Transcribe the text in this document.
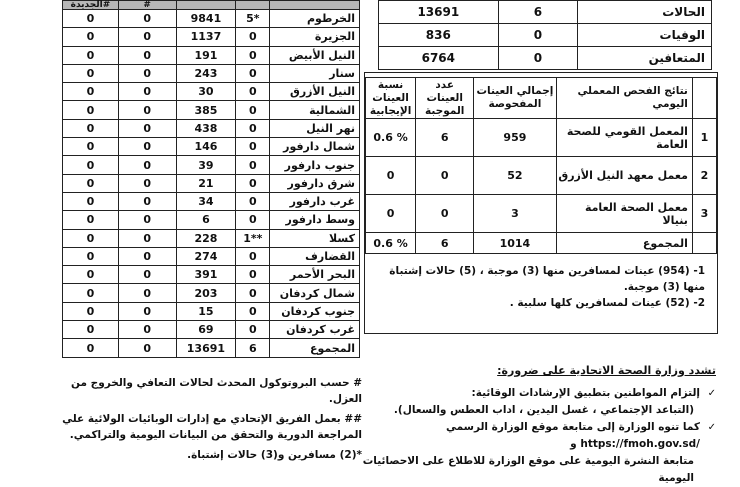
الجديدة#	#			
0	0	9841	5*	الخرطوم
0	0	1137	0	الجزيرة
0	0	191	0	النيل الأبيض
0	0	243	0	سنار
0	0	30	0	النيل الأزرق
0	0	385	0	الشمالية
0	0	438	0	نهر النيل
0	0	146	0	شمال دارفور
0	0	39	0	جنوب دارفور
0	0	21	0	شرق دارفور
0	0	34	0	غرب دارفور
0	0	6	0	وسط دارفور
0	0	228	1**	كسلا
0	0	274	0	القضارف
0	0	391	0	البحر الأحمر
0	0	203	0	شمال كردفان
0	0	15	0	جنوب كردفان
0	0	69	0	غرب كردفان
0	0	13691	6	المجموع

# حسب البروتوكول المحدث لحالات التعافي والخروج من العزل.

## بعمل الفريق الإتحادي مع إدارات الوبائيات الولائية علي المراجعة الدورية والتحقق من البيانات اليومية والتراكمي.

*(2) مسافرين و(3) حالات إشتباة.

13691	6	الحالات
836	0	الوفيات
6764	0	المتعافين
نسبة العينات الإيجابية	عدد العينات الموجبة	إجمالي العينات المفحوصة	نتائج الفحص المعملي اليومي	
0.6 %	6	959	المعمل القومي للصحة العامة	1
0	0	52	معمل معهد النيل الأزرق	2
0	0	3	معمل الصحة العامة بنيالا	3
0.6 %	6	1014	المجموع	

1- (954) عينات لمسافرين منها (3) موجبة ، (5) حالات إشتباة منها (3) موجبة.

2- (52) عينات لمسافرين كلها سلبية .

تشدد وزارة الصحة الاتحادية على ضرورة:

✓
إلتزام المواطنين بتطبيق الإرشادات الوقائية:

(التباعد الإجتماعي ، غسل اليدين ، اداب العطس والسعال).

✓
كما تنوه الوزارة إلى متابعة موقع الوزارة الرسمي /https://fmoh.gov.sd و

متابعة النشرة اليومية على موقع الوزارة للاطلاع على الاحصائيات اليومية
